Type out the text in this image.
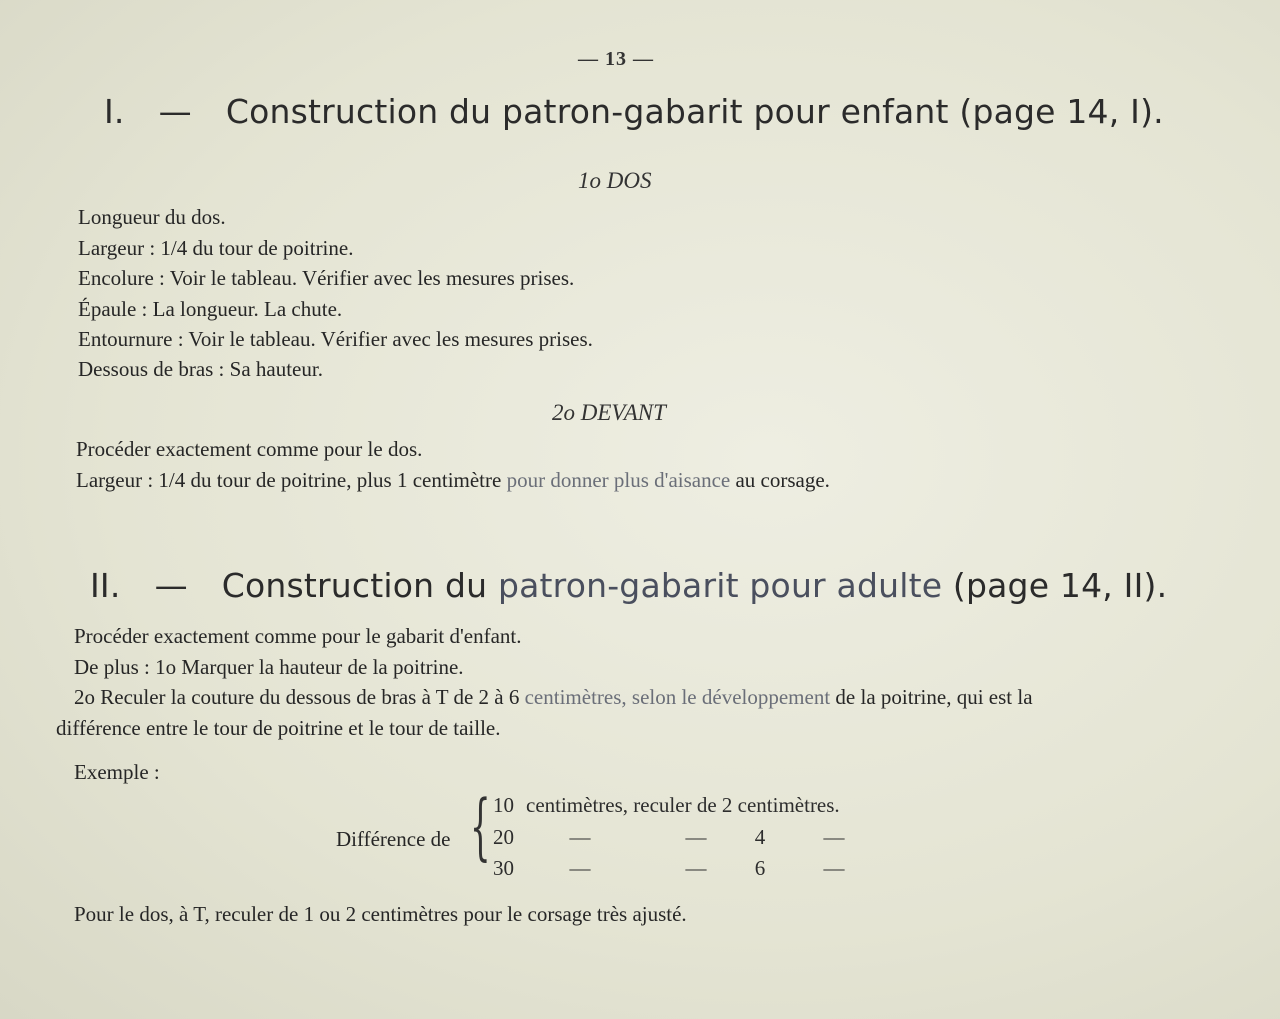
— 13 —
I. — Construction du patron-gabarit pour enfant (page 14, I).
1o DOS
Longueur du dos.
Largeur : 1/4 du tour de poitrine.
Encolure : Voir le tableau. Vérifier avec les mesures prises.
Épaule : La longueur. La chute.
Entournure : Voir le tableau. Vérifier avec les mesures prises.
Dessous de bras : Sa hauteur.
2o DEVANT
Procéder exactement comme pour le dos.
Largeur : 1/4 du tour de poitrine, plus 1 centimètre pour donner plus d'aisance au corsage.
II. — Construction du patron-gabarit pour adulte (page 14, II).
Procéder exactement comme pour le gabarit d'enfant.
De plus : 1o Marquer la hauteur de la poitrine.
2o Reculer la couture du dessous de bras à T de 2 à 6 centimètres, selon le développement de la poitrine, qui est la
différence entre le tour de poitrine et le tour de taille.
Exemple :
Différence de { 10 centimètres, reculer de 2 centimètres.
20	—	—	4	—
30	—	—	6	—
Pour le dos, à T, reculer de 1 ou 2 centimètres pour le corsage très ajusté.
